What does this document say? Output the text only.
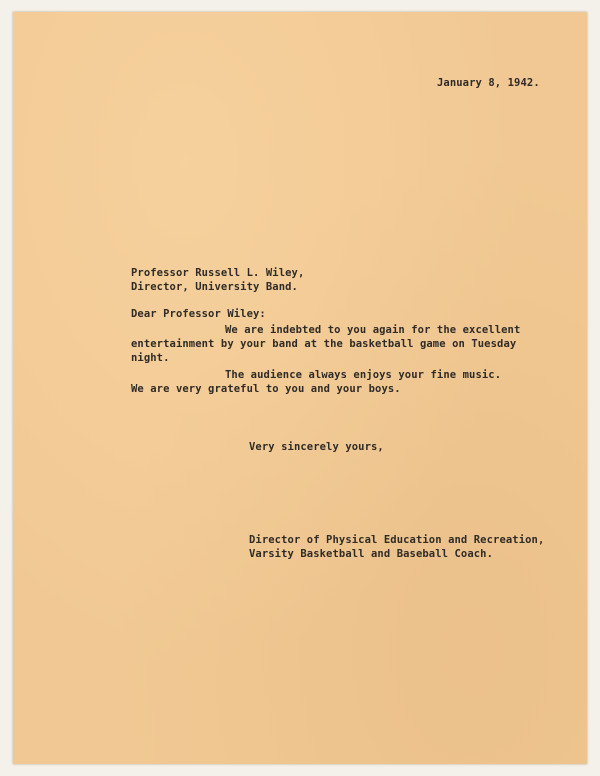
January 8, 1942.
Professor Russell L. Wiley,
Director, University Band.
Dear Professor Wiley:
We are indebted to you again for the excellent
entertainment by your band at the basketball game on Tuesday
night.
The audience always enjoys your fine music.
We are very grateful to you and your boys.
Very sincerely yours,
Director of Physical Education and Recreation,
Varsity Basketball and Baseball Coach.
